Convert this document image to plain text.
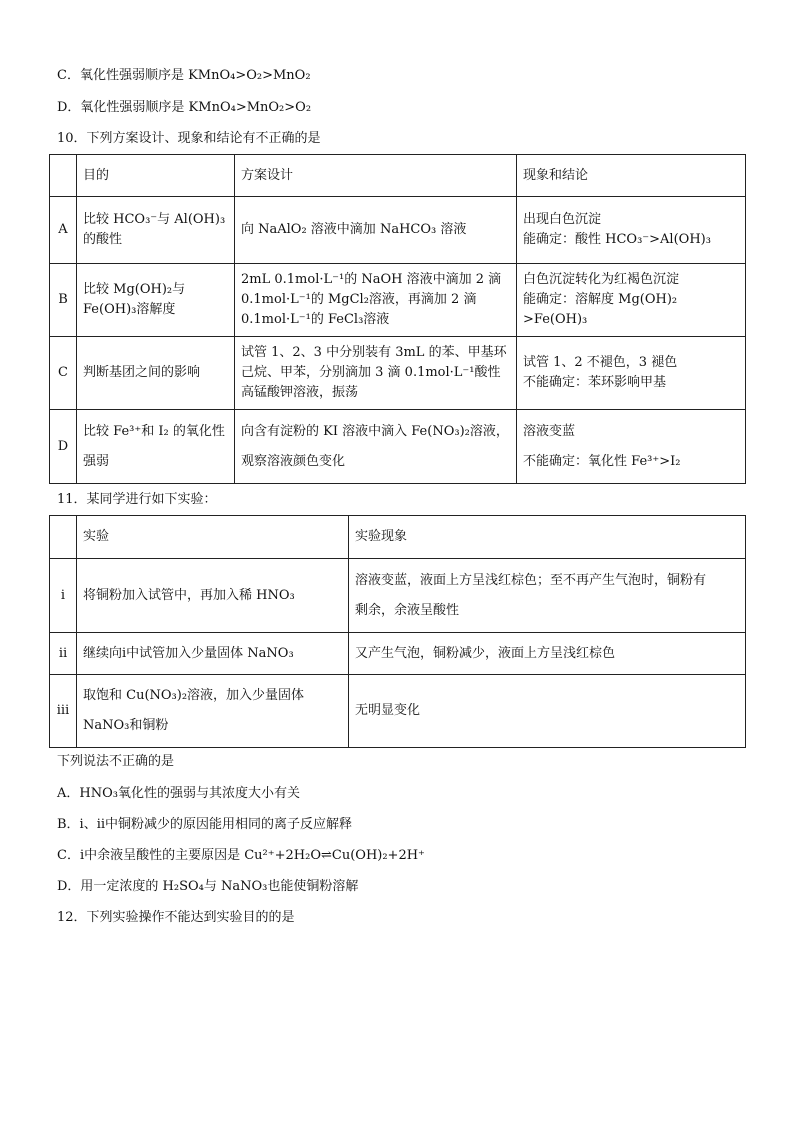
C．氧化性强弱顺序是 KMnO₄>O₂>MnO₂
D．氧化性强弱顺序是 KMnO₄>MnO₂>O₂
10．下列方案设计、现象和结论有不正确的是
	目的	方案设计	现象和结论
A	比较 HCO₃⁻与 Al(OH)₃
的酸性	向 NaAlO₂ 溶液中滴加 NaHCO₃ 溶液	出现白色沉淀
能确定：酸性 HCO₃⁻>Al(OH)₃

B	比较 Mg(OH)₂与
Fe(OH)₃溶解度	2mL 0.1mol·L⁻¹的 NaOH 溶液中滴加 2 滴
0.1mol·L⁻¹的 MgCl₂溶液，再滴加 2 滴
0.1mol·L⁻¹的 FeCl₃溶液	白色沉淀转化为红褐色沉淀
能确定：溶解度 Mg(OH)₂
>Fe(OH)₃

C	判断基团之间的影响	试管 1、2、3 中分别装有 3mL 的苯、甲基环
己烷、甲苯，分别滴加 3 滴 0.1mol·L⁻¹酸性
高锰酸钾溶液，振荡	试管 1、2 不褪色，3 褪色
不能确定：苯环影响甲基

D	比较 Fe³⁺和 I₂ 的氧化性
强弱	向含有淀粉的 KI 溶液中滴入 Fe(NO₃)₂溶液，
观察溶液颜色变化	溶液变蓝
不能确定：氧化性 Fe³⁺>I₂
11．某同学进行如下实验：
	实验	实验现象
ⅰ	将铜粉加入试管中，再加入稀 HNO₃	溶液变蓝，液面上方呈浅红棕色；至不再产生气泡时，铜粉有
剩余，余液呈酸性

ⅱ	继续向ⅰ中试管加入少量固体 NaNO₃	又产生气泡，铜粉减少，液面上方呈浅红棕色

ⅲ	取饱和 Cu(NO₃)₂溶液，加入少量固体
NaNO₃和铜粉	无明显变化
下列说法不正确的是
A．HNO₃氧化性的强弱与其浓度大小有关
B．ⅰ、ⅱ中铜粉减少的原因能用相同的离子反应解释
C．ⅰ中余液呈酸性的主要原因是 Cu²⁺+2H₂O⇌Cu(OH)₂+2H⁺
D．用一定浓度的 H₂SO₄与 NaNO₃也能使铜粉溶解
12．下列实验操作不能达到实验目的的是
